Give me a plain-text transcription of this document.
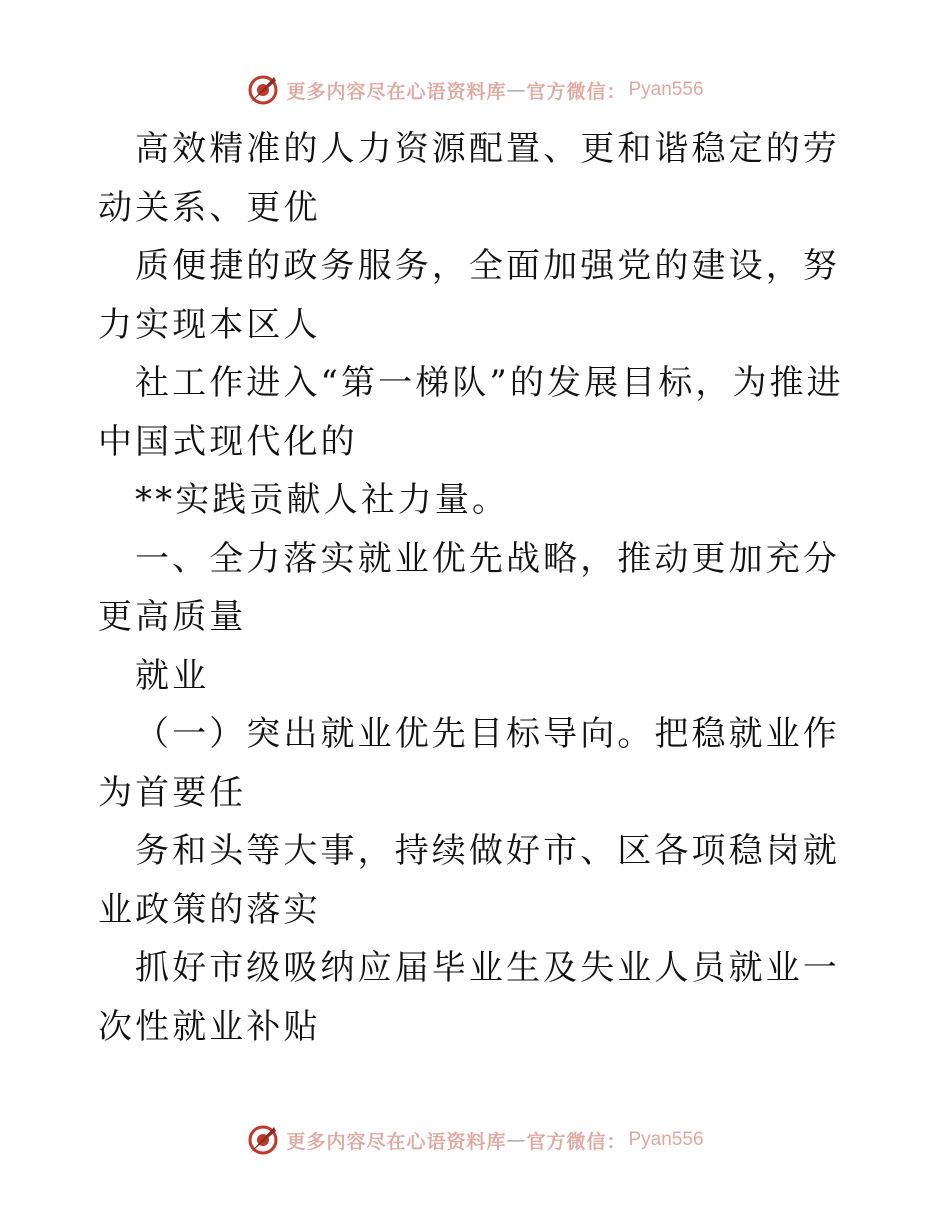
更多内容尽在心语资料库 — 官方微信： Pyan556

高效精准的人力资源配置、更和谐稳定的劳动关系、更优

质便捷的政务服务，全面加强党的建设，努力实现本区人

社工作进入“第一梯队”的发展目标，为推进中国式现代化的

**实践贡献人社力量。

一、全力落实就业优先战略，推动更加充分更高质量

就业

（一）突出就业优先目标导向。把稳就业作为首要任

务和头等大事，持续做好市、区各项稳岗就业政策的落实

抓好市级吸纳应届毕业生及失业人员就业一次性就业补贴

更多内容尽在心语资料库 — 官方微信： Pyan556
